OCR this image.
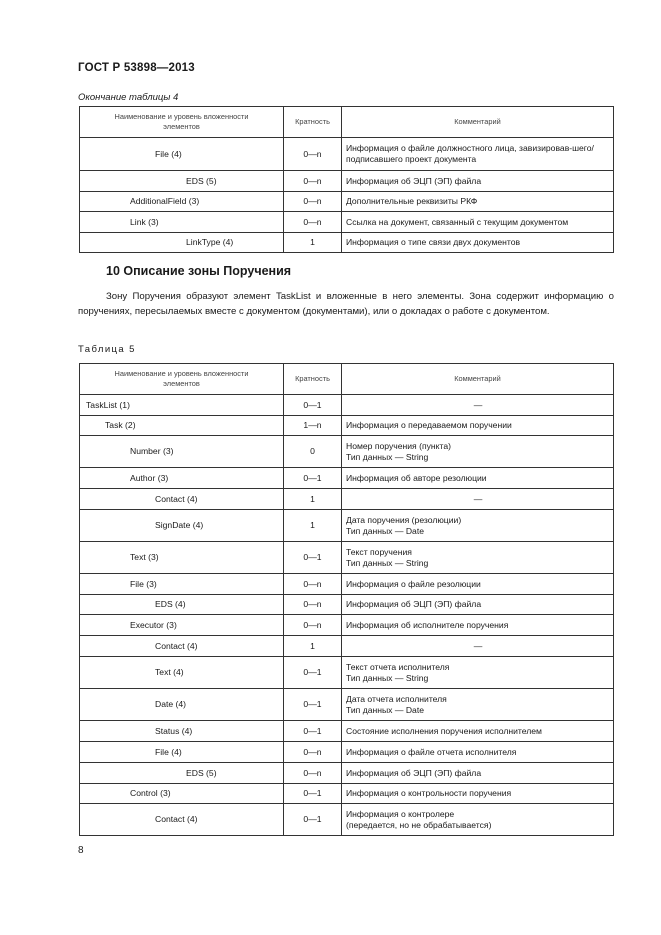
ГОСТ Р 53898—2013
Окончание таблицы 4
Наименование и уровень вложенности элементов	Кратность	Комментарий
File (4)	0—n	Информация о файле должностного лица, завизировав-шего/подписавшего проект документа

EDS (5)	0—n	Информация об ЭЦП (ЭП) файла

AdditionalField (3)	0—n	Дополнительные реквизиты РКФ

Link (3)	0—n	Ссылка на документ, связанный с текущим документом

LinkType (4)	1	Информация о типе связи двух документов
10 Описание зоны Поручения
Зону Поручения образуют элемент TaskList и вложенные в него элементы. Зона содержит информацию о поручениях, пересылаемых вместе с документом (документами), или о докладах о работе с документом.
Таблица 5
Наименование и уровень вложенности элементов	Кратность	Комментарий
TaskList (1)	0—1	—

Task (2)	1—n	Информация о передаваемом поручении

Number (3)	0	Номер поручения (пункта)
Тип данных — String

Author (3)	0—1	Информация об авторе резолюции

Contact (4)	1	—

SignDate (4)	1	Дата поручения (резолюции)
Тип данных — Date

Text (3)	0—1	Текст поручения
Тип данных — String

File (3)	0—n	Информация о файле резолюции

EDS (4)	0—n	Информация об ЭЦП (ЭП) файла

Executor (3)	0—n	Информация об исполнителе поручения

Contact (4)	1	—

Text (4)	0—1	Текст отчета исполнителя
Тип данных — String

Date (4)	0—1	Дата отчета исполнителя
Тип данных — Date

Status (4)	0—1	Состояние исполнения поручения исполнителем

File (4)	0—n	Информация о файле отчета исполнителя

EDS (5)	0—n	Информация об ЭЦП (ЭП) файла

Control (3)	0—1	Информация о контрольности поручения

Contact (4)	0—1	Информация о контролере
(передается, но не обрабатывается)
8
